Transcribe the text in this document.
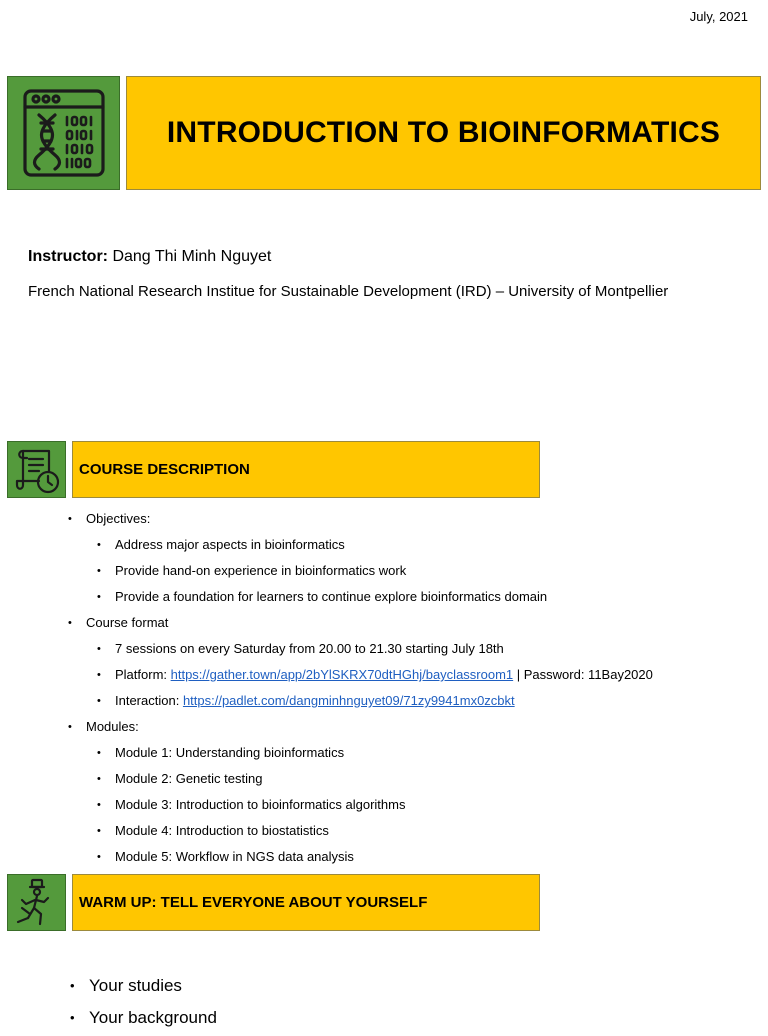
July, 2021
INTRODUCTION TO BIOINFORMATICS
Instructor: Dang Thi Minh Nguyet
French National Research Institue for Sustainable Development (IRD) – University of Montpellier
COURSE DESCRIPTION
• Objectives:
• Address major aspects in bioinformatics
• Provide hand-on experience in bioinformatics work
• Provide a foundation for learners to continue explore bioinformatics domain
• Course format
• 7 sessions on every Saturday from 20.00 to 21.30 starting July 18th
• Platform: https://gather.town/app/2bYlSKRX70dtHGhj/bayclassroom1 | Password: 11Bay2020
• Interaction: https://padlet.com/dangminhnguyet09/71zy9941mx0zcbkt
• Modules:
• Module 1: Understanding bioinformatics
• Module 2: Genetic testing
• Module 3: Introduction to bioinformatics algorithms
• Module 4: Introduction to biostatistics
• Module 5: Workflow in NGS data analysis
WARM UP: TELL EVERYONE ABOUT YOURSELF
• Your studies
• Your background
